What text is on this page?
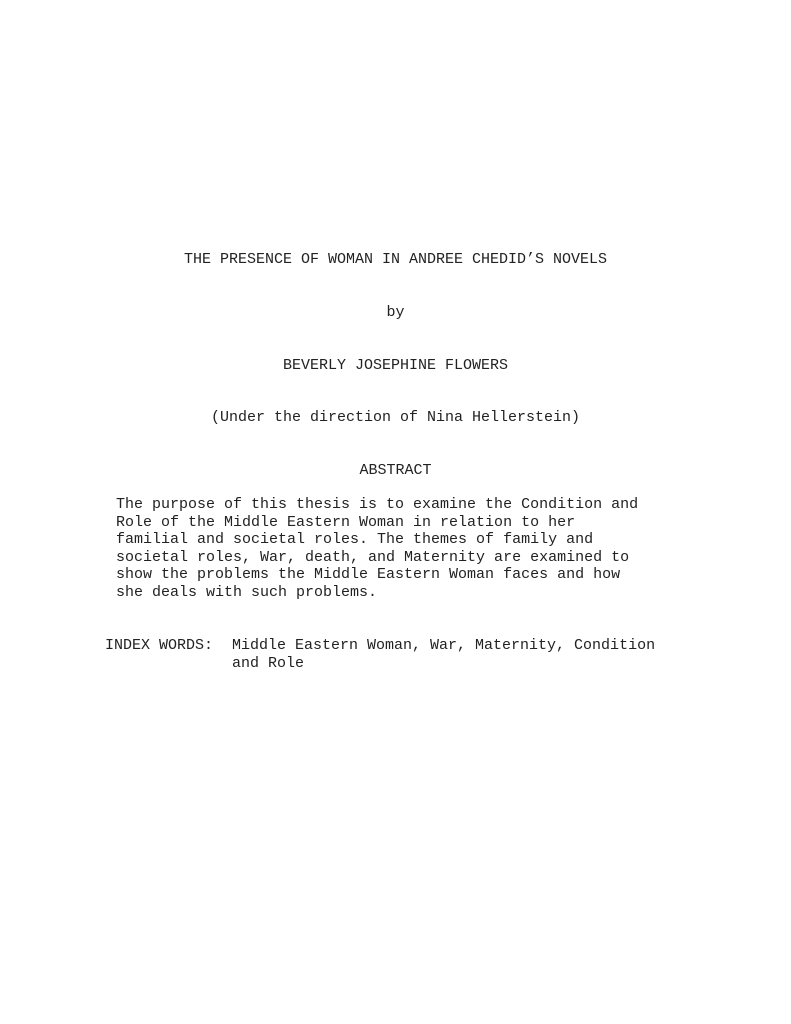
THE PRESENCE OF WOMAN IN ANDREE CHEDID’S NOVELS
by
BEVERLY JOSEPHINE FLOWERS
(Under the direction of Nina Hellerstein)
ABSTRACT
The purpose of this thesis is to examine the Condition and
Role of the Middle Eastern Woman in relation to her
familial and societal roles. The themes of family and
societal roles, War, death, and Maternity are examined to
show the problems the Middle Eastern Woman faces and how
she deals with such problems.
INDEX WORDS: Middle Eastern Woman, War, Maternity, Condition
and Role
